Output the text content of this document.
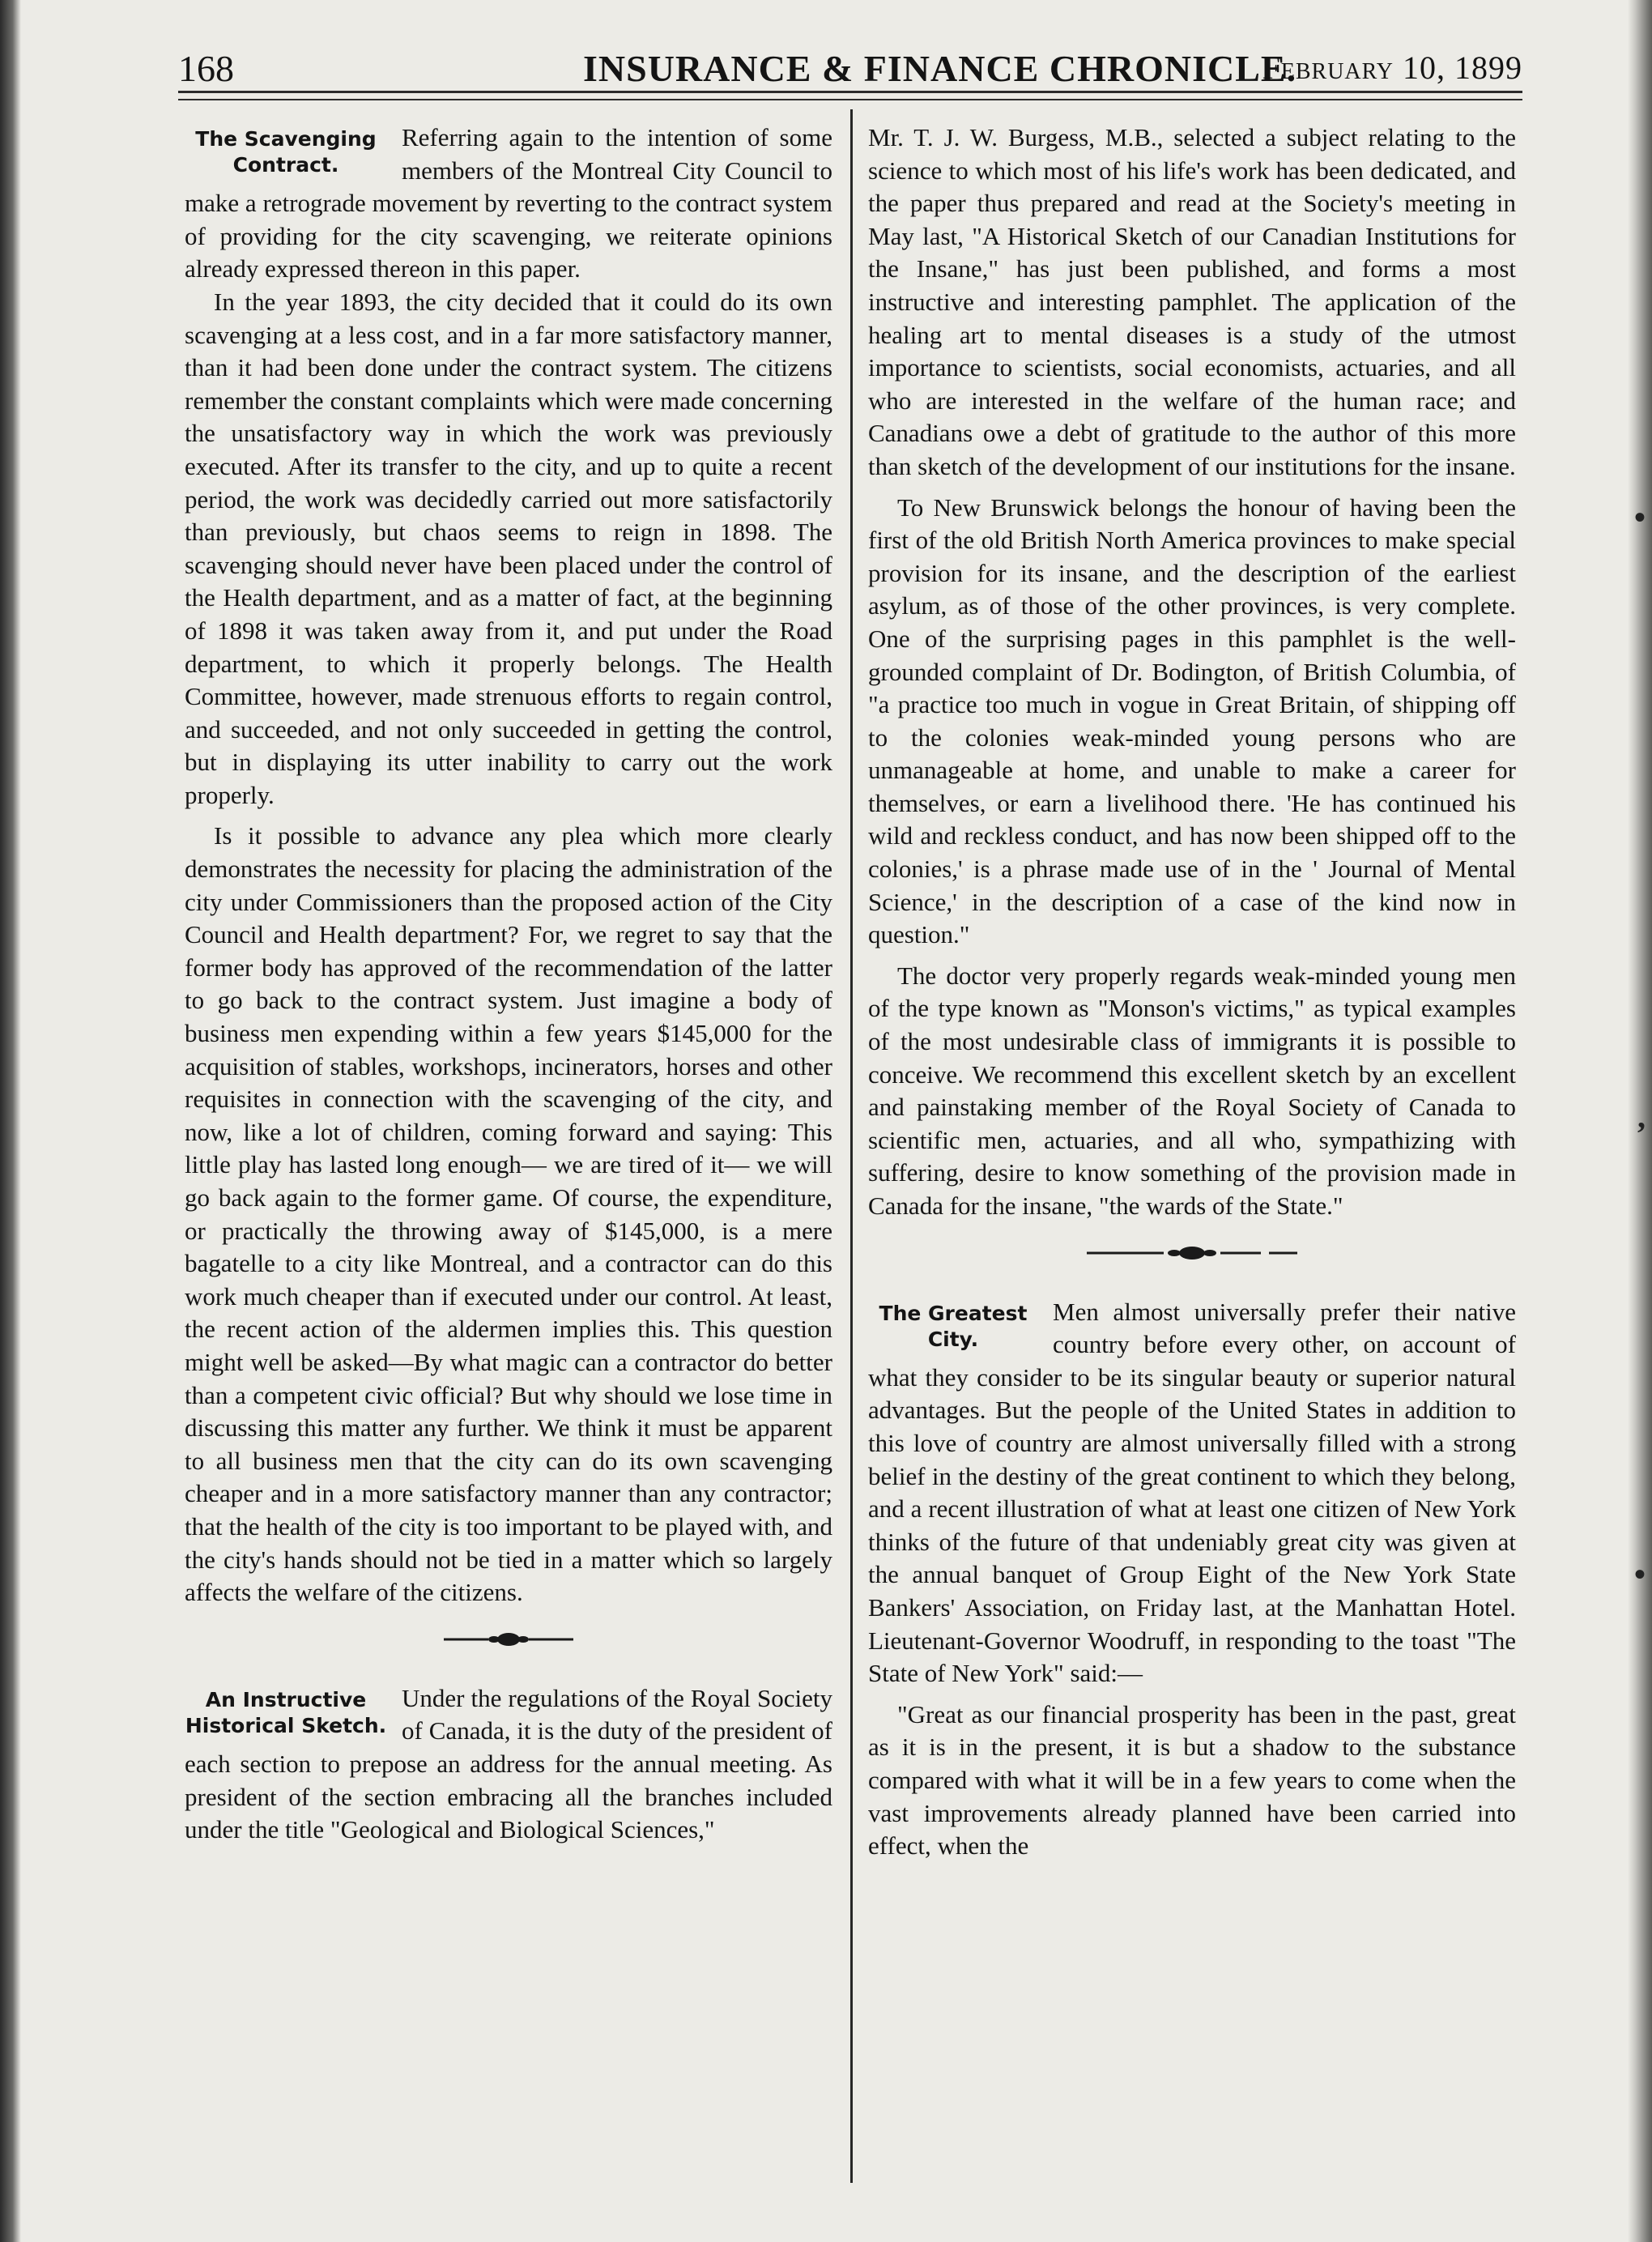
168	INSURANCE & FINANCE CHRONICLE.
February 10, 1899
The Scavenging Contract.

Referring again to the intention of some members of the Montreal City Council to make a retrograde movement by reverting to the contract system of providing for the city scavenging, we reiterate opinions already expressed thereon in this paper.

In the year 1893, the city decided that it could do its own scavenging at a less cost, and in a far more satisfactory manner, than it had been done under the contract system. The citizens remember the constant complaints which were made concerning the unsatisfactory way in which the work was previously executed. After its transfer to the city, and up to quite a recent period, the work was decidedly carried out more satisfactorily than previously, but chaos seems to reign in 1898. The scavenging should never have been placed under the control of the Health department, and as a matter of fact, at the beginning of 1898 it was taken away from it, and put under the Road department, to which it properly belongs. The Health Committee, however, made strenuous efforts to regain control, and succeeded, and not only succeeded in getting the control, but in displaying its utter inability to carry out the work properly.

Is it possible to advance any plea which more clearly demonstrates the necessity for placing the administration of the city under Commissioners than the proposed action of the City Council and Health department? For, we regret to say that the former body has approved of the recommendation of the latter to go back to the contract system. Just imagine a body of business men expending within a few years $145,000 for the acquisition of stables, workshops, incinerators, horses and other requisites in connection with the scavenging of the city, and now, like a lot of children, coming forward and saying: This little play has lasted long enough— we are tired of it— we will go back again to the former game. Of course, the expenditure, or practically the throwing away of $145,000, is a mere bagatelle to a city like Montreal, and a contractor can do this work much cheaper than if executed under our control. At least, the recent action of the aldermen implies this. This question might well be asked—By what magic can a contractor do better than a competent civic official? But why should we lose time in discussing this matter any further. We think it must be apparent to all business men that the city can do its own scavenging cheaper and in a more satisfactory manner than any contractor; that the health of the city is too important to be played with, and the city's hands should not be tied in a matter which so largely affects the welfare of the citizens.

An Instructive Historical Sketch.

Under the regulations of the Royal Society of Canada, it is the duty of the president of each section to prepose an address for the annual meeting. As president of the section embracing all the branches included under the title "Geological and Biological Sciences,"

Mr. T. J. W. Burgess, M.B., selected a subject relating to the science to which most of his life's work has been dedicated, and the paper thus prepared and read at the Society's meeting in May last, "A Historical Sketch of our Canadian Institutions for the Insane," has just been published, and forms a most instructive and interesting pamphlet. The application of the healing art to mental diseases is a study of the utmost importance to scientists, social economists, actuaries, and all who are interested in the welfare of the human race; and Canadians owe a debt of gratitude to the author of this more than sketch of the development of our institutions for the insane.

To New Brunswick belongs the honour of having been the first of the old British North America provinces to make special provision for its insane, and the description of the earliest asylum, as of those of the other provinces, is very complete. One of the surprising pages in this pamphlet is the well-grounded complaint of Dr. Bodington, of British Columbia, of "a practice too much in vogue in Great Britain, of shipping off to the colonies weak-minded young persons who are unmanageable at home, and unable to make a career for themselves, or earn a livelihood there. 'He has continued his wild and reckless conduct, and has now been shipped off to the colonies,' is a phrase made use of in the ' Journal of Mental Science,' in the description of a case of the kind now in question."

The doctor very properly regards weak-minded young men of the type known as "Monson's victims," as typical examples of the most undesirable class of immigrants it is possible to conceive. We recommend this excellent sketch by an excellent and painstaking member of the Royal Society of Canada to scientific men, actuaries, and all who, sympathizing with suffering, desire to know something of the provision made in Canada for the insane, "the wards of the State."

The Greatest City.

Men almost universally prefer their native country before every other, on account of what they consider to be its singular beauty or superior natural advantages. But the people of the United States in addition to this love of country are almost universally filled with a strong belief in the destiny of the great continent to which they belong, and a recent illustration of what at least one citizen of New York thinks of the future of that undeniably great city was given at the annual banquet of Group Eight of the New York State Bankers' Association, on Friday last, at the Manhattan Hotel. Lieutenant-Governor Woodruff, in responding to the toast "The State of New York" said:—

"Great as our financial prosperity has been in the past, great as it is in the present, it is but a shadow to the substance compared with what it will be in a few years to come when the vast improvements already planned have been carried into effect, when the

•
,
•
